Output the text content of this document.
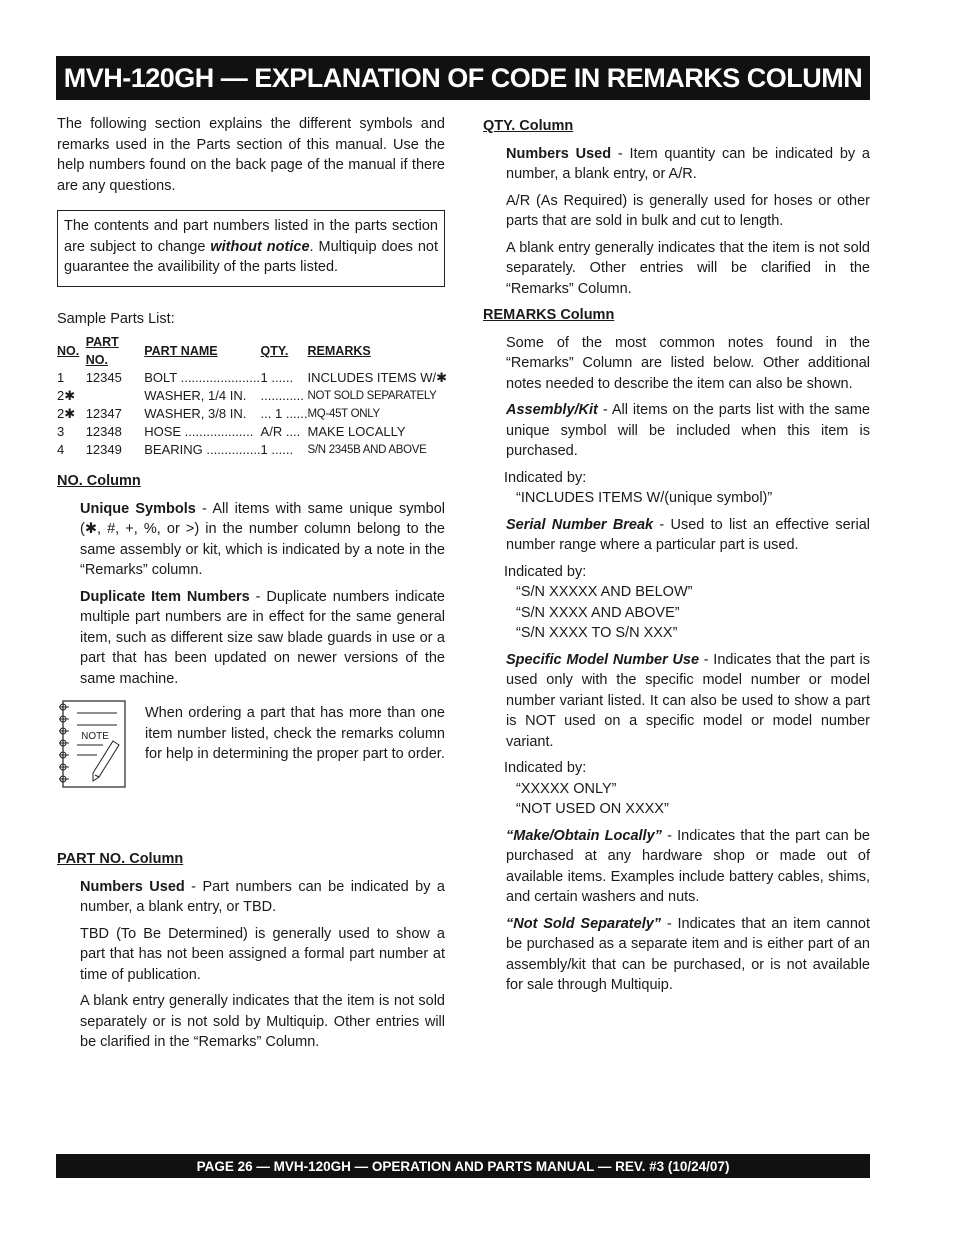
MVH-120GH — EXPLANATION OF CODE IN REMARKS COLUMN

The following section explains the different symbols and remarks used in the Parts section of this manual. Use the help numbers found on the back page of the manual if there are any questions.

The contents and part numbers listed in the parts section are subject to change without notice. Multiquip does not guarantee the availibility of the parts listed.

Sample Parts List:

NO.	PART NO.	PART NAME	QTY.	REMARKS
1	12345	BOLT ......................	1 ......	INCLUDES ITEMS W/✱
2✱		WASHER, 1/4 IN.	............	NOT SOLD SEPARATELY
2✱	12347	WASHER, 3/8 IN.	... 1 ......	MQ-45T ONLY
3	12348	HOSE ...................	A/R ....	MAKE LOCALLY
4	12349	BEARING ...............	1 ......	S/N 2345B AND ABOVE

NO. Column

Unique Symbols - All items with same unique symbol (✱, #, +, %, or >) in the number column belong to the same assembly or kit, which is indicated by a note in the “Remarks” column.

Duplicate Item Numbers - Duplicate numbers indicate multiple part numbers are in effect for the same general item, such as different size saw blade guards in use or a part that has been updated on newer versions of the same machine.

NOTE
When ordering a part that has more than one item number listed, check the remarks column for help in determining the proper part to order.

PART NO. Column

Numbers Used - Part numbers can be indicated by a number, a blank entry, or TBD.

TBD (To Be Determined) is generally used to show a part that has not been assigned a formal part number at time of publication.

A blank entry generally indicates that the item is not sold separately or is not sold by Multiquip. Other entries will be clarified in the “Remarks” Column.

QTY. Column

Numbers Used - Item quantity can be indicated by a number, a blank entry, or A/R.

A/R (As Required) is generally used for hoses or other parts that are sold in bulk and cut to length.

A blank entry generally indicates that the item is not sold separately. Other entries will be clarified in the “Remarks” Column.

REMARKS Column

Some of the most common notes found in the “Remarks” Column are listed below. Other additional notes needed to describe the item can also be shown.

Assembly/Kit - All items on the parts list with the same unique symbol will be included when this item is purchased.

Indicated by:

“INCLUDES ITEMS W/(unique symbol)”

Serial Number Break - Used to list an effective serial number range where a particular part is used.

Indicated by:

“S/N XXXXX AND BELOW”

“S/N XXXX AND ABOVE”

“S/N XXXX TO S/N XXX”

Specific Model Number Use - Indicates that the part is used only with the specific model number or model number variant listed. It can also be used to show a part is NOT used on a specific model or model number variant.

Indicated by:

“XXXXX ONLY”

“NOT USED ON XXXX”

“Make/Obtain Locally” - Indicates that the part can be purchased at any hardware shop or made out of available items. Examples include battery cables, shims, and certain washers and nuts.

“Not Sold Separately” - Indicates that an item cannot be purchased as a separate item and is either part of an assembly/kit that can be purchased, or is not available for sale through Multiquip.

PAGE 26 — MVH-120GH — OPERATION AND PARTS MANUAL — REV. #3 (10/24/07)
